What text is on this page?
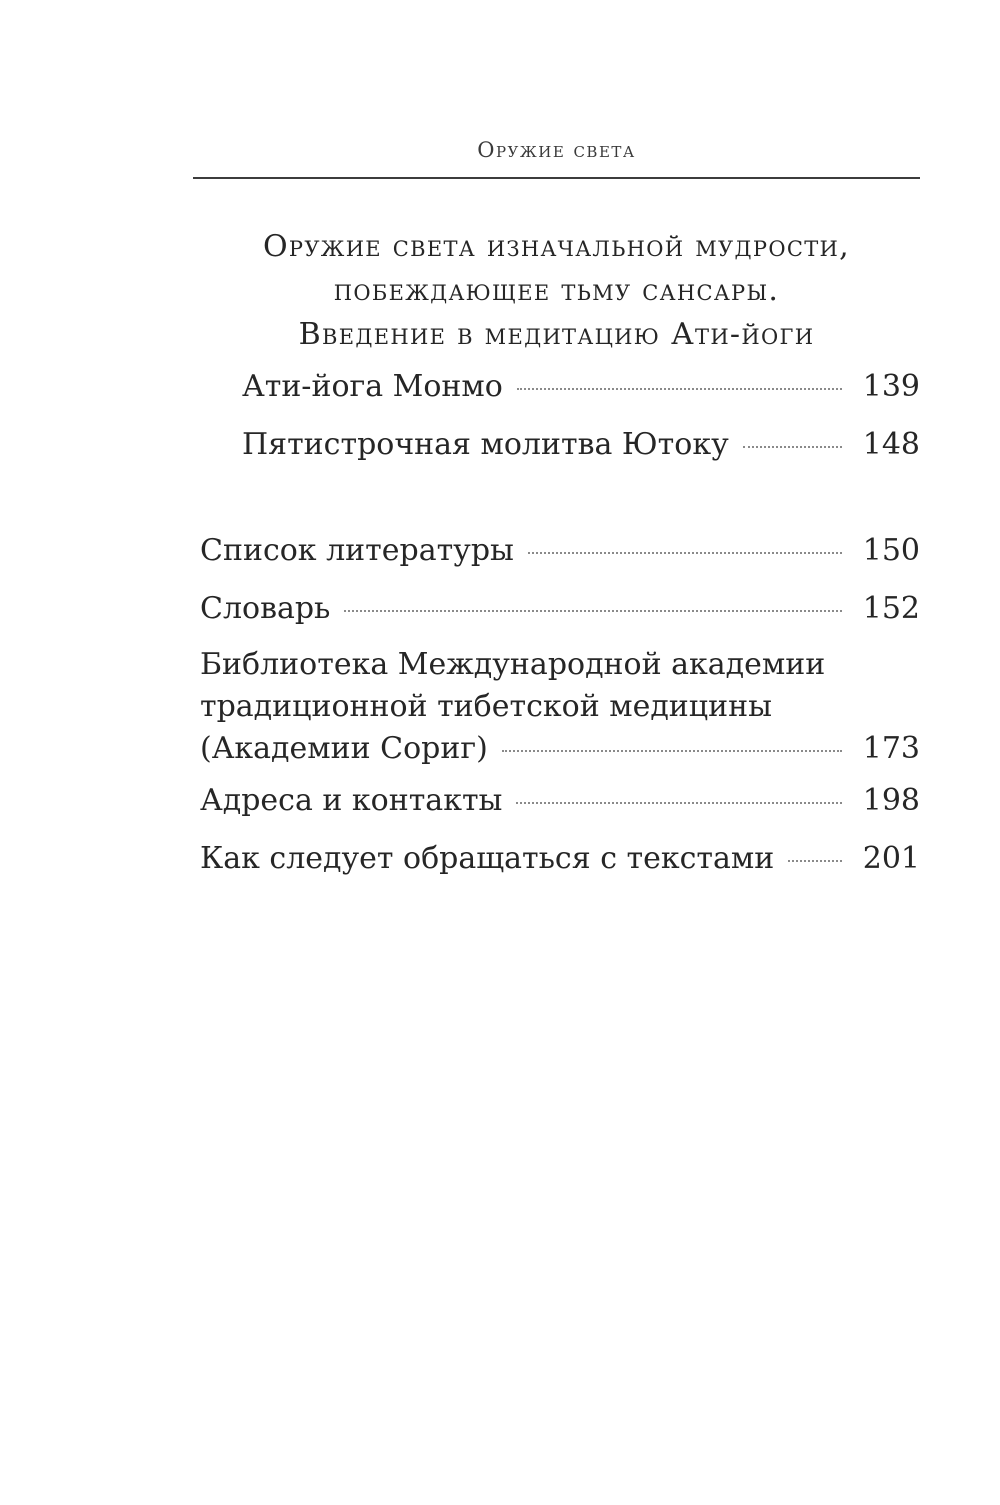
Оружие света
Оружие света изначальной мудрости,
побеждающее тьму сансары.
Введение в медитацию Ати-йоги
Ати-йога Монмо	139
Пятистрочная молитва Ютоку	148
Список литературы	150
Словарь	152
Библиотека Международной академии
традиционной тибетской медицины
(Академии Сориг)	173
Адреса и контакты	198
Как следует обращаться с текстами	201
